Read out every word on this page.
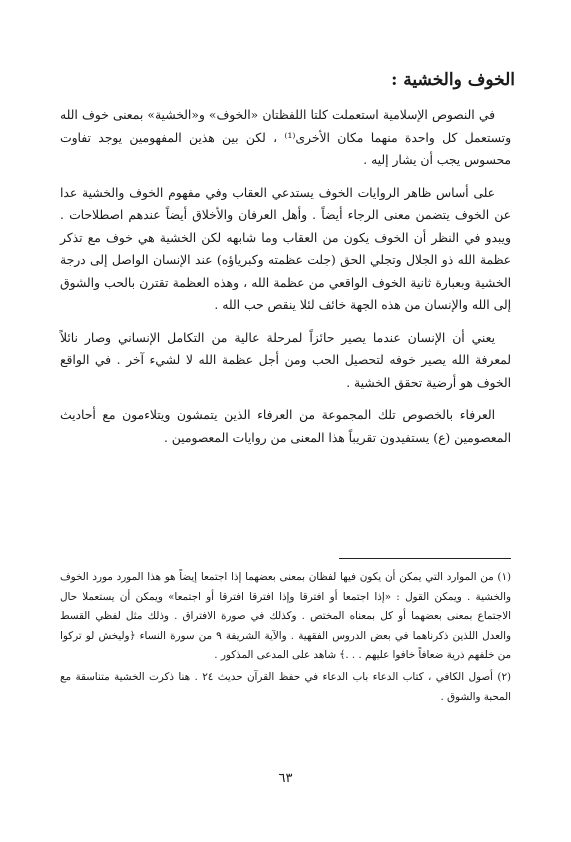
الخوف والخشية :

في النصوص الإسلامية استعملت كلتا اللفظتان «الخوف» و«الخشية» بمعنى خوف الله وتستعمل كل واحدة منهما مكان الأخرى⁽¹⁾ ، لكن بين هذين المفهومين يوجد تفاوت محسوس يجب أن يشار إليه .

على أساس ظاهر الروايات الخوف يستدعي العقاب وفي مفهوم الخوف والخشية عدا عن الخوف يتضمن معنى الرجاء أيضاً . وأهل العرفان والأخلاق أيضاً عندهم اصطلاحات . ويبدو في النظر أن الخوف يكون من العقاب وما شابهه لكن الخشية هي خوف مع تذكر عظمة الله ذو الجلال وتجلي الحق (جلت عظمته وكبرياؤه) عند الإنسان الواصل إلى درجة الخشية وبعبارة ثانية الخوف الواقعي من عظمة الله ، وهذه العظمة تقترن بالحب والشوق إلى الله والإنسان من هذه الجهة خائف لئلا ينقص حب الله .

يعني أن الإنسان عندما يصير حائزاً لمرحلة عالية من التكامل الإنساني وصار نائلاً لمعرفة الله يصير خوفه لتحصيل الحب ومن أجل عظمة الله لا لشيء آخر . في الواقع الخوف هو أرضية تحقق الخشية .

العرفاء بالخصوص تلك المجموعة من العرفاء الذين يتمشون ويتلاءمون مع أحاديث المعصومين (ع) يستفيدون تقريباً هذا المعنى من روايات المعصومين .

(١) من الموارد التي يمكن أن يكون فيها لفظان بمعنى بعضهما إذا اجتمعا إيضاً هو هذا المورد مورد الخوف والخشية . ويمكن القول : «إذا اجتمعا أو افترقا وإذا افترقا افترقا أو اجتمعا» ويمكن أن يستعملا حال الاجتماع بمعنى بعضهما أو كل بمعناه المختص . وكذلك في صورة الافتراق . وذلك مثل لفظي القسط والعدل اللذين ذكرناهما في بعض الدروس الفقهية . والآية الشريفة ٩ من سورة النساء ﴿وليخش لو تركوا من خلفهم ذرية ضعافاً خافوا عليهم . . .﴾ شاهد على المدعى المذكور .

(٢) أصول الكافي ، كتاب الدعاء باب الدعاء في حفظ القرآن حديث ٢٤ . هنا ذكرت الخشية متناسقة مع المحبة والشوق .

٦٣
